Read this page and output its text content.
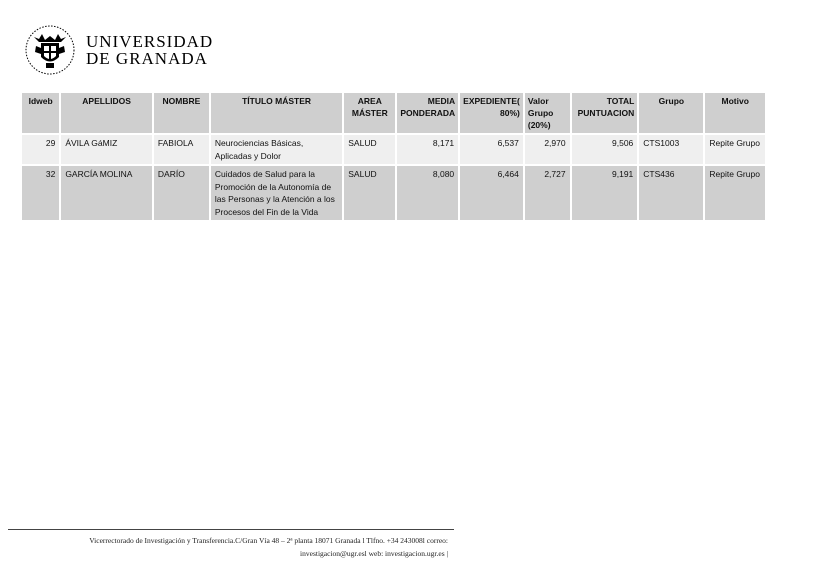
UNIVERSIDAD
DE GRANADA
Idweb	APELLIDOS	NOMBRE	TÍTULO MÁSTER	AREA MÁSTER	MEDIA PONDERADA	EXPEDIENTE( 80%)	Valor Grupo (20%)	TOTAL PUNTUACION	Grupo	Motivo
29	ÁVILA GáMIZ	FABIOLA	Neurociencias Básicas, Aplicadas y Dolor	SALUD	8,171	6,537	2,970	9,506	CTS1003	Repite Grupo
32	GARCÍA MOLINA	DARÍO	Cuidados de Salud para la Promoción de la Autonomía de las Personas y la Atención a los Procesos del Fin de la Vida	SALUD	8,080	6,464	2,727	9,191	CTS436	Repite Grupo
Vicerrectorado de Investigación y Transferencia.C/Gran Vía 48 – 2ª planta 18071 Granada l Tlfno. +34 243008l correo:
investigacion@ugr.esl web: investigacion.ugr.es |
